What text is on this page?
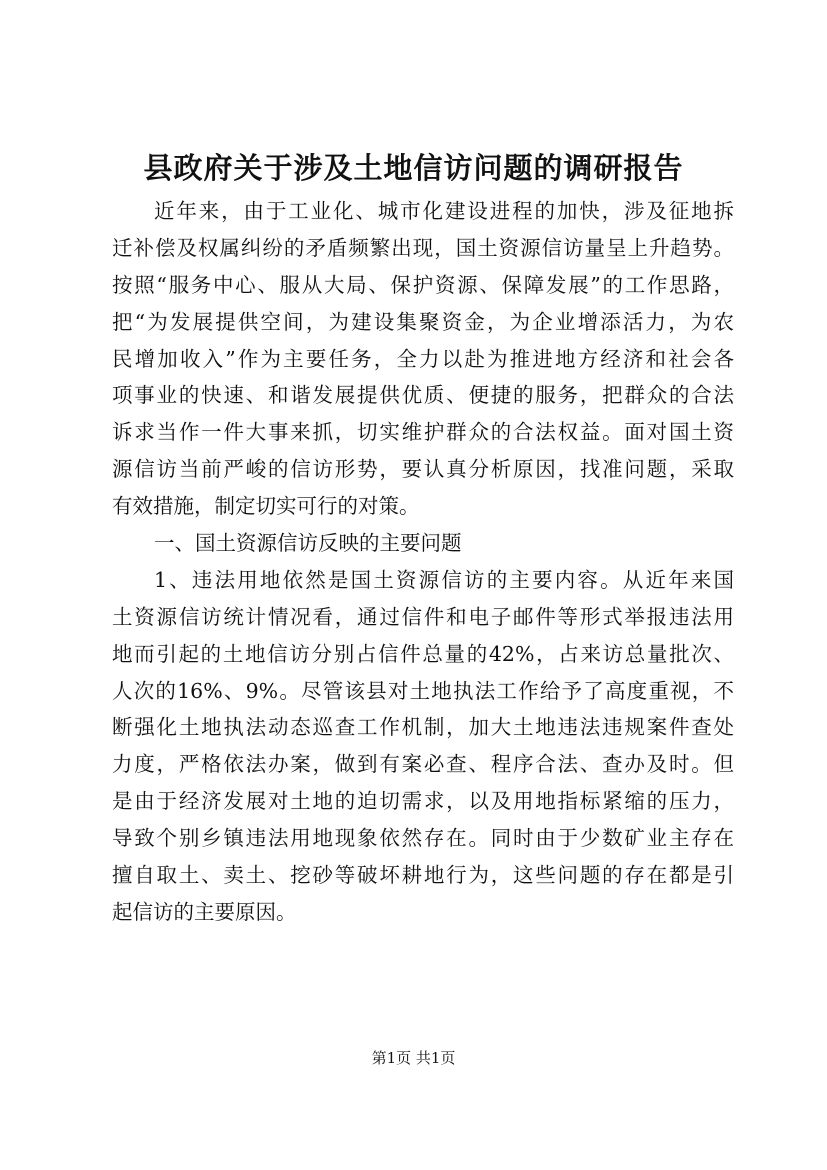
县政府关于涉及土地信访问题的调研报告
近年来，由于工业化、城市化建设进程的加快，涉及征地拆
迁补偿及权属纠纷的矛盾频繁出现，国土资源信访量呈上升趋势。
按照“服务中心、服从大局、保护资源、保障发展”的工作思路，
把“为发展提供空间，为建设集聚资金，为企业增添活力，为农
民增加收入”作为主要任务，全力以赴为推进地方经济和社会各
项事业的快速、和谐发展提供优质、便捷的服务，把群众的合法
诉求当作一件大事来抓，切实维护群众的合法权益。面对国土资
源信访当前严峻的信访形势，要认真分析原因，找准问题，采取
有效措施，制定切实可行的对策。
一、国土资源信访反映的主要问题
1、违法用地依然是国土资源信访的主要内容。从近年来国
土资源信访统计情况看，通过信件和电子邮件等形式举报违法用
地而引起的土地信访分别占信件总量的42%，占来访总量批次、
人次的16%、9%。尽管该县对土地执法工作给予了高度重视，不
断强化土地执法动态巡查工作机制，加大土地违法违规案件查处
力度，严格依法办案，做到有案必查、程序合法、查办及时。但
是由于经济发展对土地的迫切需求，以及用地指标紧缩的压力，
导致个别乡镇违法用地现象依然存在。同时由于少数矿业主存在
擅自取土、卖土、挖砂等破坏耕地行为，这些问题的存在都是引
起信访的主要原因。
第1页 共1页
